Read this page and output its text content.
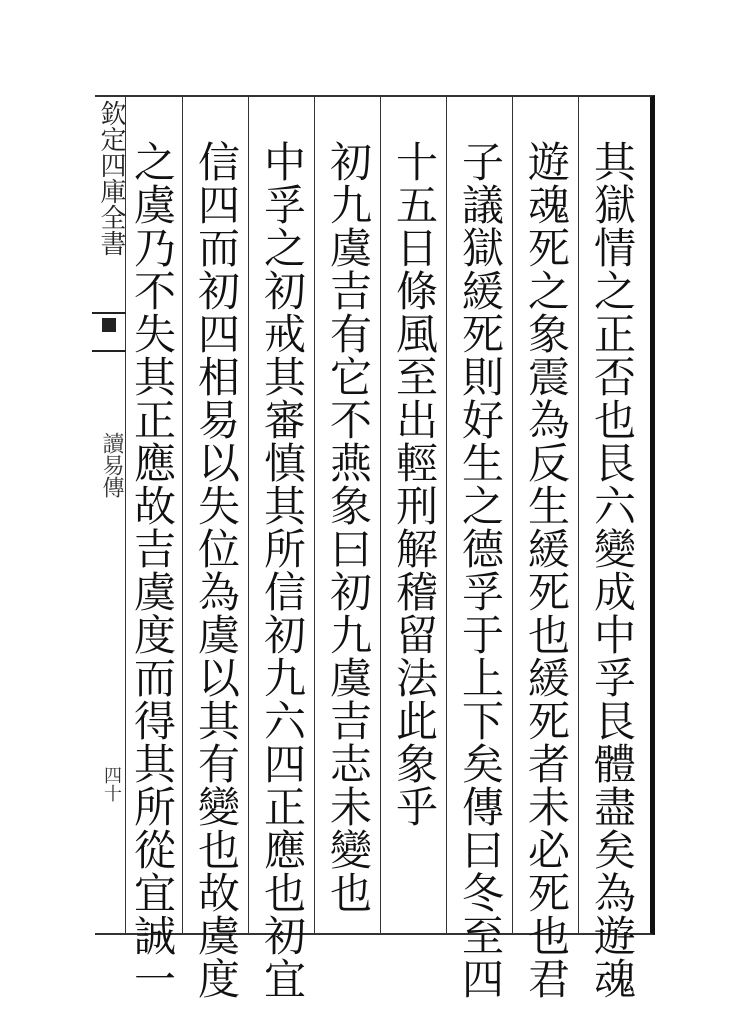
欽定四庫全書
讀易傳
四十	其獄情之正否也艮六變成中孚艮體盡矣為遊魂
遊魂死之象震為反生緩死也緩死者未必死也君
子議獄緩死則好生之德孚于上下矣傳曰冬至四
十五日條風至出輕刑解稽留法此象乎
初九虞吉有它不燕象曰初九虞吉志未變也
中孚之初戒其審慎其所信初九六四正應也初宜
信四而初四相易以失位為虞以其有變也故虞度
之虞乃不失其正應故吉虞度而得其所從宜誠一
